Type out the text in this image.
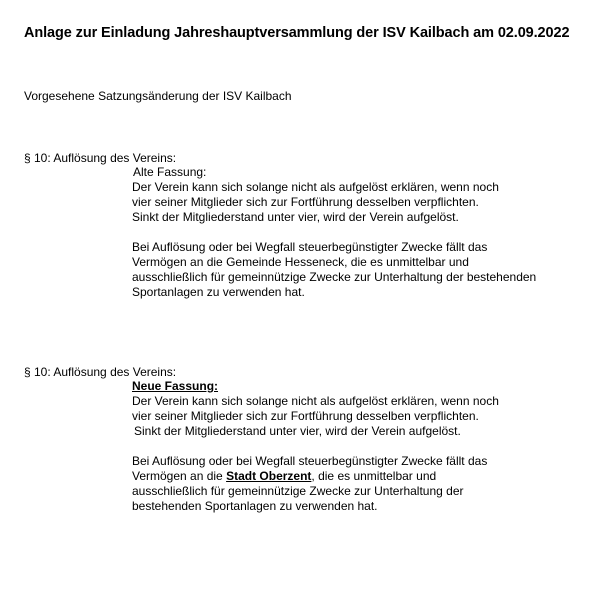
Anlage zur Einladung Jahreshauptversammlung der ISV Kailbach am 02.09.2022
Vorgesehene Satzungsänderung der ISV Kailbach
§ 10: Auflösung des Vereins:
Alte Fassung:
Der Verein kann sich solange nicht als aufgelöst erklären, wenn noch
vier seiner Mitglieder sich zur Fortführung desselben verpflichten.
Sinkt der Mitgliederstand unter vier, wird der Verein aufgelöst.
Bei Auflösung oder bei Wegfall steuerbegünstigter Zwecke fällt das
Vermögen an die Gemeinde Hesseneck, die es unmittelbar und
ausschließlich für gemeinnützige Zwecke zur Unterhaltung der bestehenden
Sportanlagen zu verwenden hat.
§ 10: Auflösung des Vereins:
Neue Fassung:
Der Verein kann sich solange nicht als aufgelöst erklären, wenn noch
vier seiner Mitglieder sich zur Fortführung desselben verpflichten.
Sinkt der Mitgliederstand unter vier, wird der Verein aufgelöst.
Bei Auflösung oder bei Wegfall steuerbegünstigter Zwecke fällt das
Vermögen an die Stadt Oberzent, die es unmittelbar und
ausschließlich für gemeinnützige Zwecke zur Unterhaltung der
bestehenden Sportanlagen zu verwenden hat.
